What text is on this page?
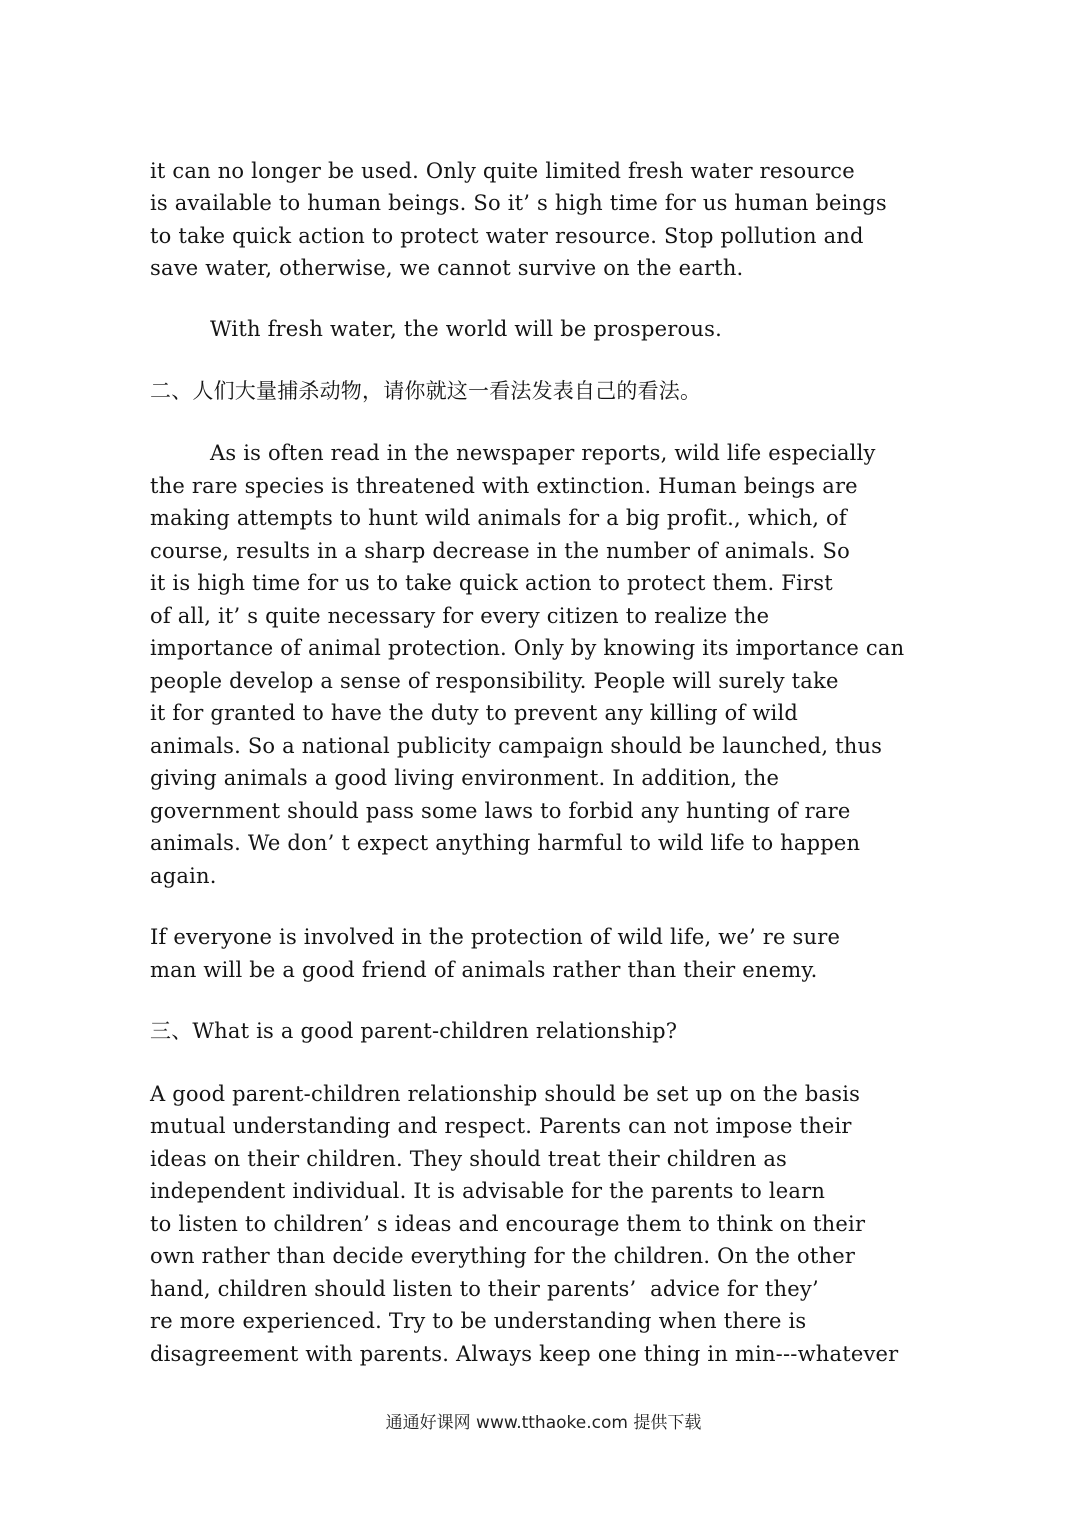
it can no longer be used. Only quite limited fresh water resource
is available to human beings. So it’ s high time for us human beings
to take quick action to protect water resource. Stop pollution and
save water, otherwise, we cannot survive on the earth.
With fresh water, the world will be prosperous.
二、人们大量捕杀动物，请你就这一看法发表自己的看法。
As is often read in the newspaper reports, wild life especially
the rare species is threatened with extinction. Human beings are
making attempts to hunt wild animals for a big profit., which, of
course, results in a sharp decrease in the number of animals. So
it is high time for us to take quick action to protect them. First
of all, it’ s quite necessary for every citizen to realize the
importance of animal protection. Only by knowing its importance can
people develop a sense of responsibility. People will surely take
it for granted to have the duty to prevent any killing of wild
animals. So a national publicity campaign should be launched, thus
giving animals a good living environment. In addition, the
government should pass some laws to forbid any hunting of rare
animals. We don’ t expect anything harmful to wild life to happen
again.
If everyone is involved in the protection of wild life, we’ re sure
man will be a good friend of animals rather than their enemy.
三、What is a good parent-children relationship?
A good parent-children relationship should be set up on the basis
mutual understanding and respect. Parents can not impose their
ideas on their children. They should treat their children as
independent individual. It is advisable for the parents to learn
to listen to children’ s ideas and encourage them to think on their
own rather than decide everything for the children. On the other
hand, children should listen to their parents’  advice for they’
re more experienced. Try to be understanding when there is
disagreement with parents. Always keep one thing in min---whatever
通通好课网 www.tthaoke.com 提供下载
